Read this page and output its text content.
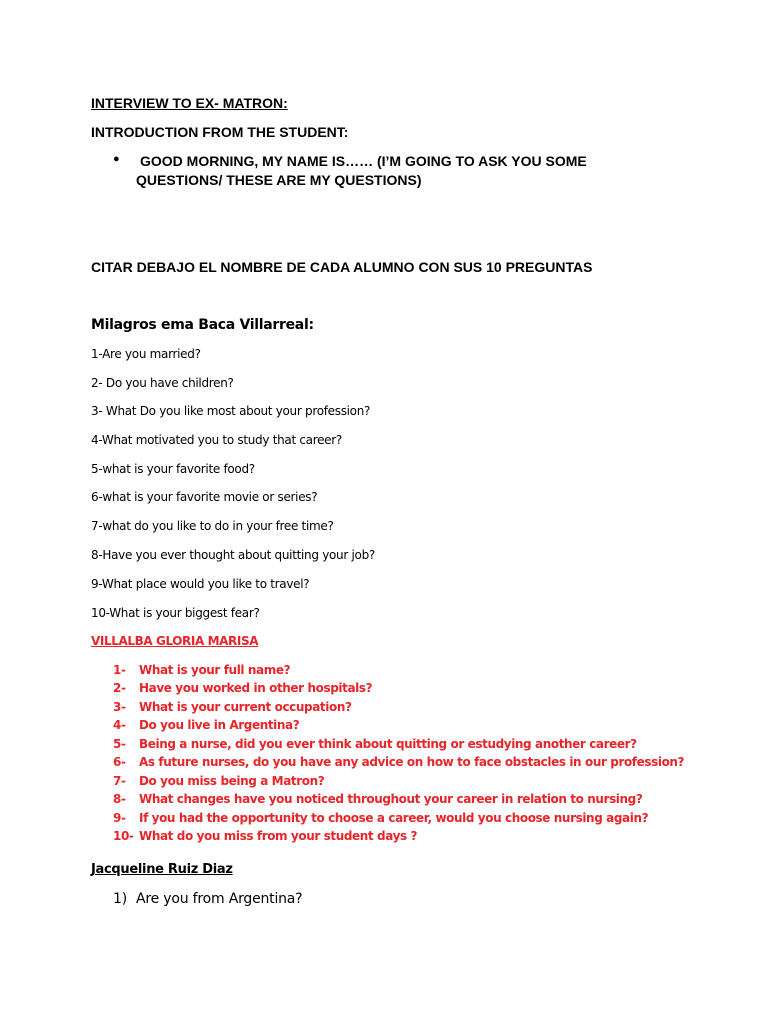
INTERVIEW TO EX- MATRON:
INTRODUCTION FROM THE STUDENT:
● GOOD MORNING, MY NAME IS…… (I’M GOING TO ASK YOU SOME
QUESTIONS/ THESE ARE MY QUESTIONS)
CITAR DEBAJO EL NOMBRE DE CADA ALUMNO CON SUS 10 PREGUNTAS
Milagros ema Baca Villarreal:
1-Are you married?
2- Do you have children?
3- What Do you like most about your profession?
4-What motivated you to study that career?
5-what is your favorite food?
6-what is your favorite movie or series?
7-what do you like to do in your free time?
8-Have you ever thought about quitting your job?
9-What place would you like to travel?
10-What is your biggest fear?
VILLALBA GLORIA MARISA
1- What is your full name?
2- Have you worked in other hospitals?
3- What is your current occupation?
4- Do you live in Argentina?
5- Being a nurse, did you ever think about quitting or estudying another career?
6- As future nurses, do you have any advice on how to face obstacles in our profession?
7- Do you miss being a Matron?
8- What changes have you noticed throughout your career in relation to nursing?
9- If you had the opportunity to choose a career, would you choose nursing again?
10- What do you miss from your student days ?
Jacqueline Ruiz Diaz
1) Are you from Argentina?
